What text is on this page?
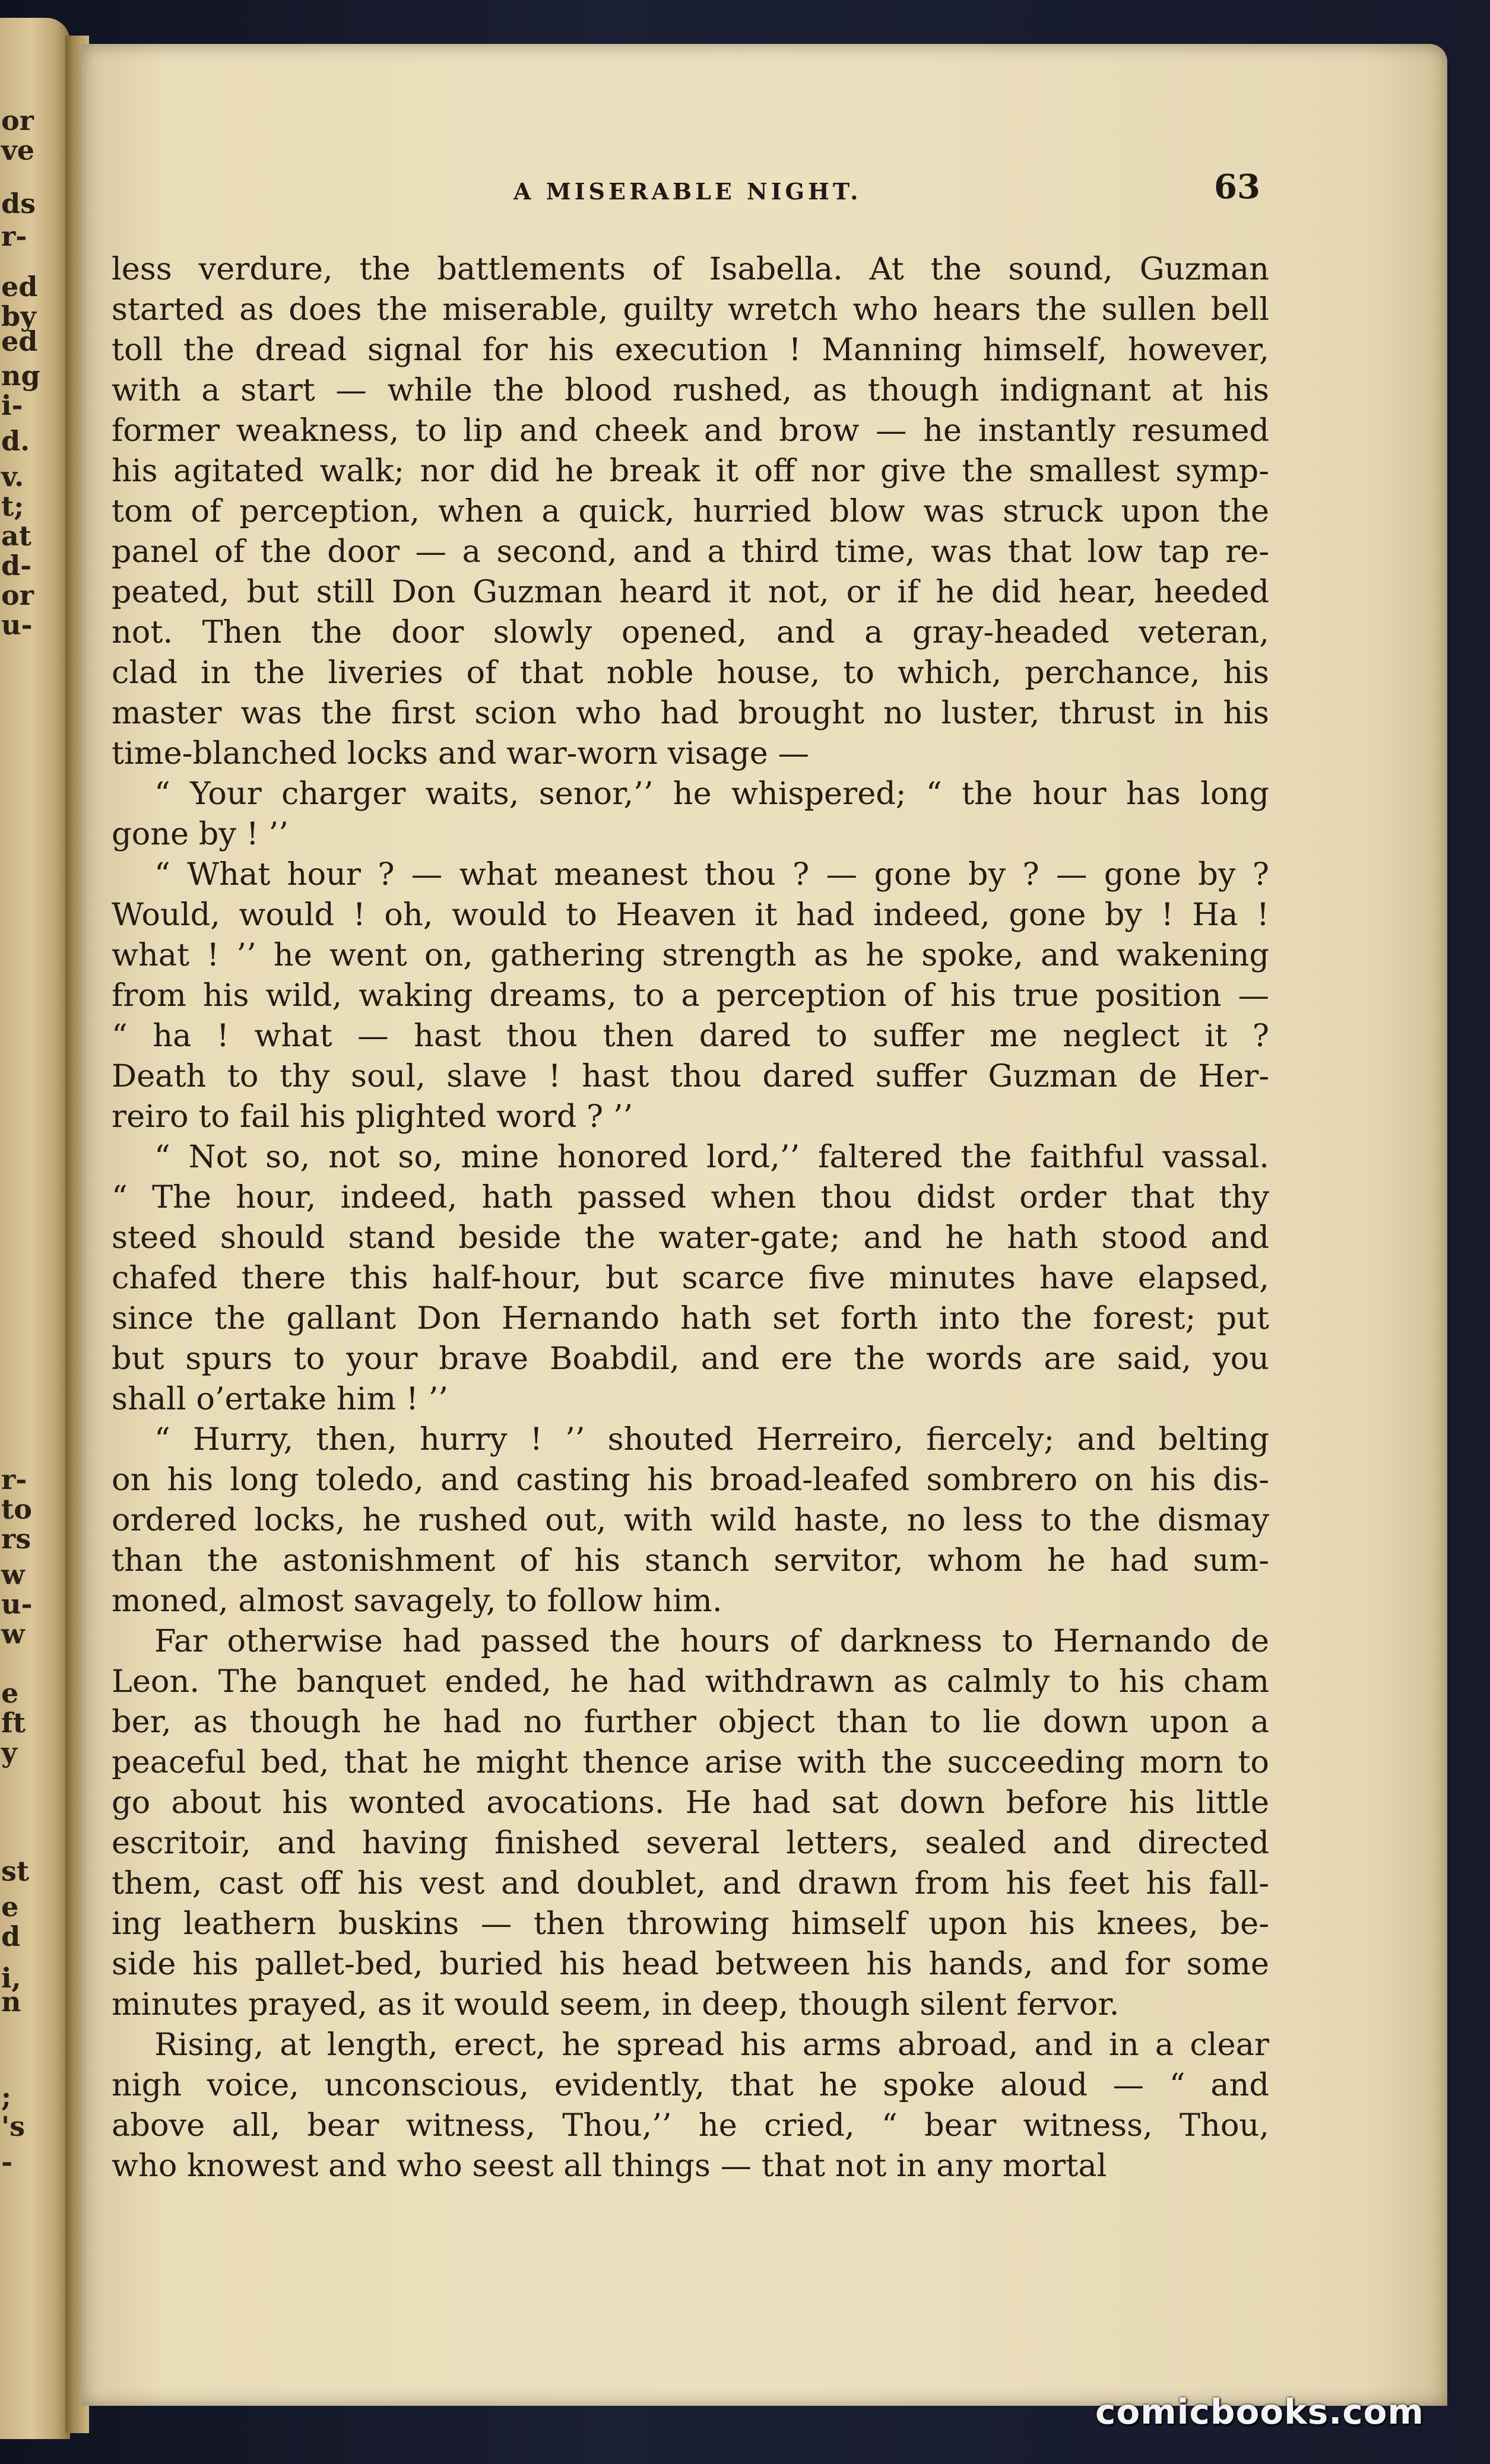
or
ve
ds
r-
ed
by
ed
ng
i-
d.
v.
t;
at
d-
or
u-
r-
to
rs
w
u-
w
e
ft
y
st
e
d
i,
n
;
's
-
A MISERABLE NIGHT.	63
less verdure, the battlements of Isabella. At the sound, Guzman
started as does the miserable, guilty wretch who hears the sullen bell
toll the dread signal for his execution ! Manning himself, however,
with a start — while the blood rushed, as though indignant at his
former weakness, to lip and cheek and brow — he instantly resumed
his agitated walk; nor did he break it off nor give the smallest symp-
tom of perception, when a quick, hurried blow was struck upon the
panel of the door — a second, and a third time, was that low tap re-
peated, but still Don Guzman heard it not, or if he did hear, heeded
not. Then the door slowly opened, and a gray-headed veteran,
clad in the liveries of that noble house, to which, perchance, his
master was the first scion who had brought no luster, thrust in his
time-blanched locks and war-worn visage —
“ Your charger waits, senor,’’ he whispered; “ the hour has long
gone by ! ’’
“ What hour ? — what meanest thou ? — gone by ? — gone by ?
Would, would ! oh, would to Heaven it had indeed, gone by ! Ha !
what ! ’’ he went on, gathering strength as he spoke, and wakening
from his wild, waking dreams, to a perception of his true position —
“ ha ! what — hast thou then dared to suffer me neglect it ?
Death to thy soul, slave ! hast thou dared suffer Guzman de Her-
reiro to fail his plighted word ? ’’
“ Not so, not so, mine honored lord,’’ faltered the faithful vassal.
“ The hour, indeed, hath passed when thou didst order that thy
steed should stand beside the water-gate; and he hath stood and
chafed there this half-hour, but scarce five minutes have elapsed,
since the gallant Don Hernando hath set forth into the forest; put
but spurs to your brave Boabdil, and ere the words are said, you
shall o’ertake him ! ’’
“ Hurry, then, hurry ! ’’ shouted Herreiro, fiercely; and belting
on his long toledo, and casting his broad-leafed sombrero on his dis-
ordered locks, he rushed out, with wild haste, no less to the dismay
than the astonishment of his stanch servitor, whom he had sum-
moned, almost savagely, to follow him.
Far otherwise had passed the hours of darkness to Hernando de
Leon. The banquet ended, he had withdrawn as calmly to his cham
ber, as though he had no further object than to lie down upon a
peaceful bed, that he might thence arise with the succeeding morn to
go about his wonted avocations. He had sat down before his little
escritoir, and having finished several letters, sealed and directed
them, cast off his vest and doublet, and drawn from his feet his fall-
ing leathern buskins — then throwing himself upon his knees, be-
side his pallet-bed, buried his head between his hands, and for some
minutes prayed, as it would seem, in deep, though silent fervor.
Rising, at length, erect, he spread his arms abroad, and in a clear
nigh voice, unconscious, evidently, that he spoke aloud — “ and
above all, bear witness, Thou,’’ he cried, “ bear witness, Thou,
who knowest and who seest all things — that not in any mortal
comicbooks.com
